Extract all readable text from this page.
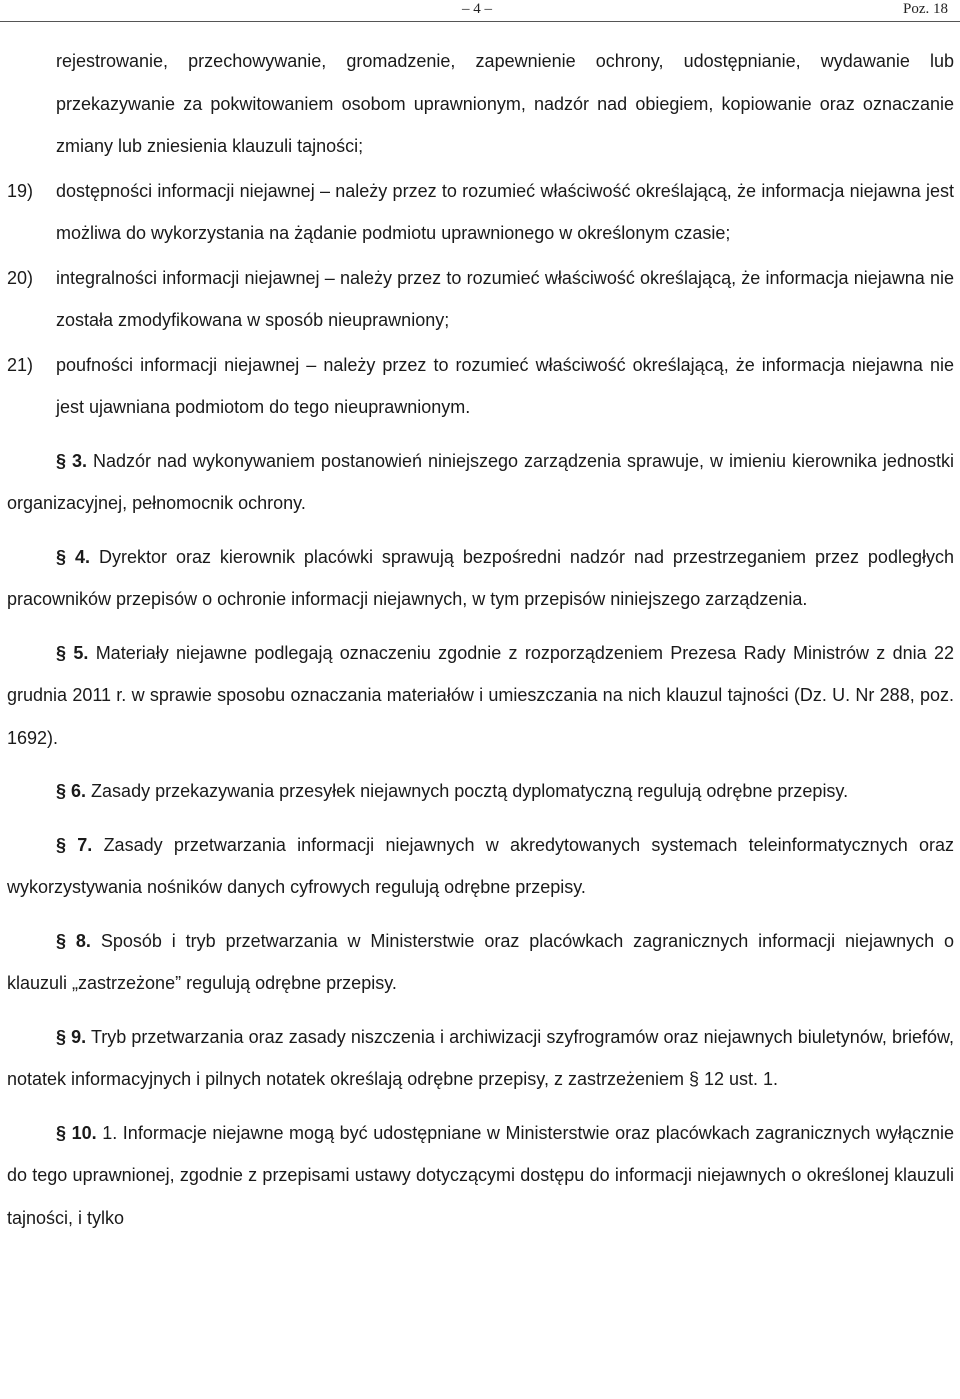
– 4 –	Poz. 18

rejestrowanie, przechowywanie, gromadzenie, zapewnienie ochrony, udostępnianie, wydawanie lub przekazywanie za pokwitowaniem osobom uprawnionym, nadzór nad obiegiem, kopiowanie oraz oznaczanie zmiany lub zniesienia klauzuli tajności;

19)	dostępności informacji niejawnej – należy przez to rozumieć właściwość określającą, że informacja niejawna jest możliwa do wykorzystania na żądanie podmiotu uprawnionego w określonym czasie;
20)	integralności informacji niejawnej – należy przez to rozumieć właściwość określającą, że informacja niejawna nie została zmodyfikowana w sposób nieuprawniony;
21)	poufności informacji niejawnej – należy przez to rozumieć właściwość określającą, że informacja niejawna nie jest ujawniana podmiotom do tego nieuprawnionym.

§ 3. Nadzór nad wykonywaniem postanowień niniejszego zarządzenia sprawuje, w imieniu kierownika jednostki organizacyjnej, pełnomocnik ochrony.

§ 4. Dyrektor oraz kierownik placówki sprawują bezpośredni nadzór nad przestrzeganiem przez podległych pracowników przepisów o ochronie informacji niejawnych, w tym przepisów niniejszego zarządzenia.

§ 5. Materiały niejawne podlegają oznaczeniu zgodnie z rozporządzeniem Prezesa Rady Ministrów z dnia 22 grudnia 2011 r. w sprawie sposobu oznaczania materiałów i umieszczania na nich klauzul tajności (Dz. U. Nr 288, poz. 1692).

§ 6. Zasady przekazywania przesyłek niejawnych pocztą dyplomatyczną regulują odrębne przepisy.

§ 7. Zasady przetwarzania informacji niejawnych w akredytowanych systemach teleinformatycznych oraz wykorzystywania nośników danych cyfrowych regulują odrębne przepisy.

§ 8. Sposób i tryb przetwarzania w Ministerstwie oraz placówkach zagranicznych informacji niejawnych o klauzuli „zastrzeżone” regulują odrębne przepisy.

§ 9. Tryb przetwarzania oraz zasady niszczenia i archiwizacji szyfrogramów oraz niejawnych biuletynów, briefów, notatek informacyjnych i pilnych notatek określają odrębne przepisy, z zastrzeżeniem § 12 ust. 1.

§ 10. 1. Informacje niejawne mogą być udostępniane w Ministerstwie oraz placówkach zagranicznych wyłącznie do tego uprawnionej, zgodnie z przepisami ustawy dotyczącymi dostępu do informacji niejawnych o określonej klauzuli tajności, i tylko
